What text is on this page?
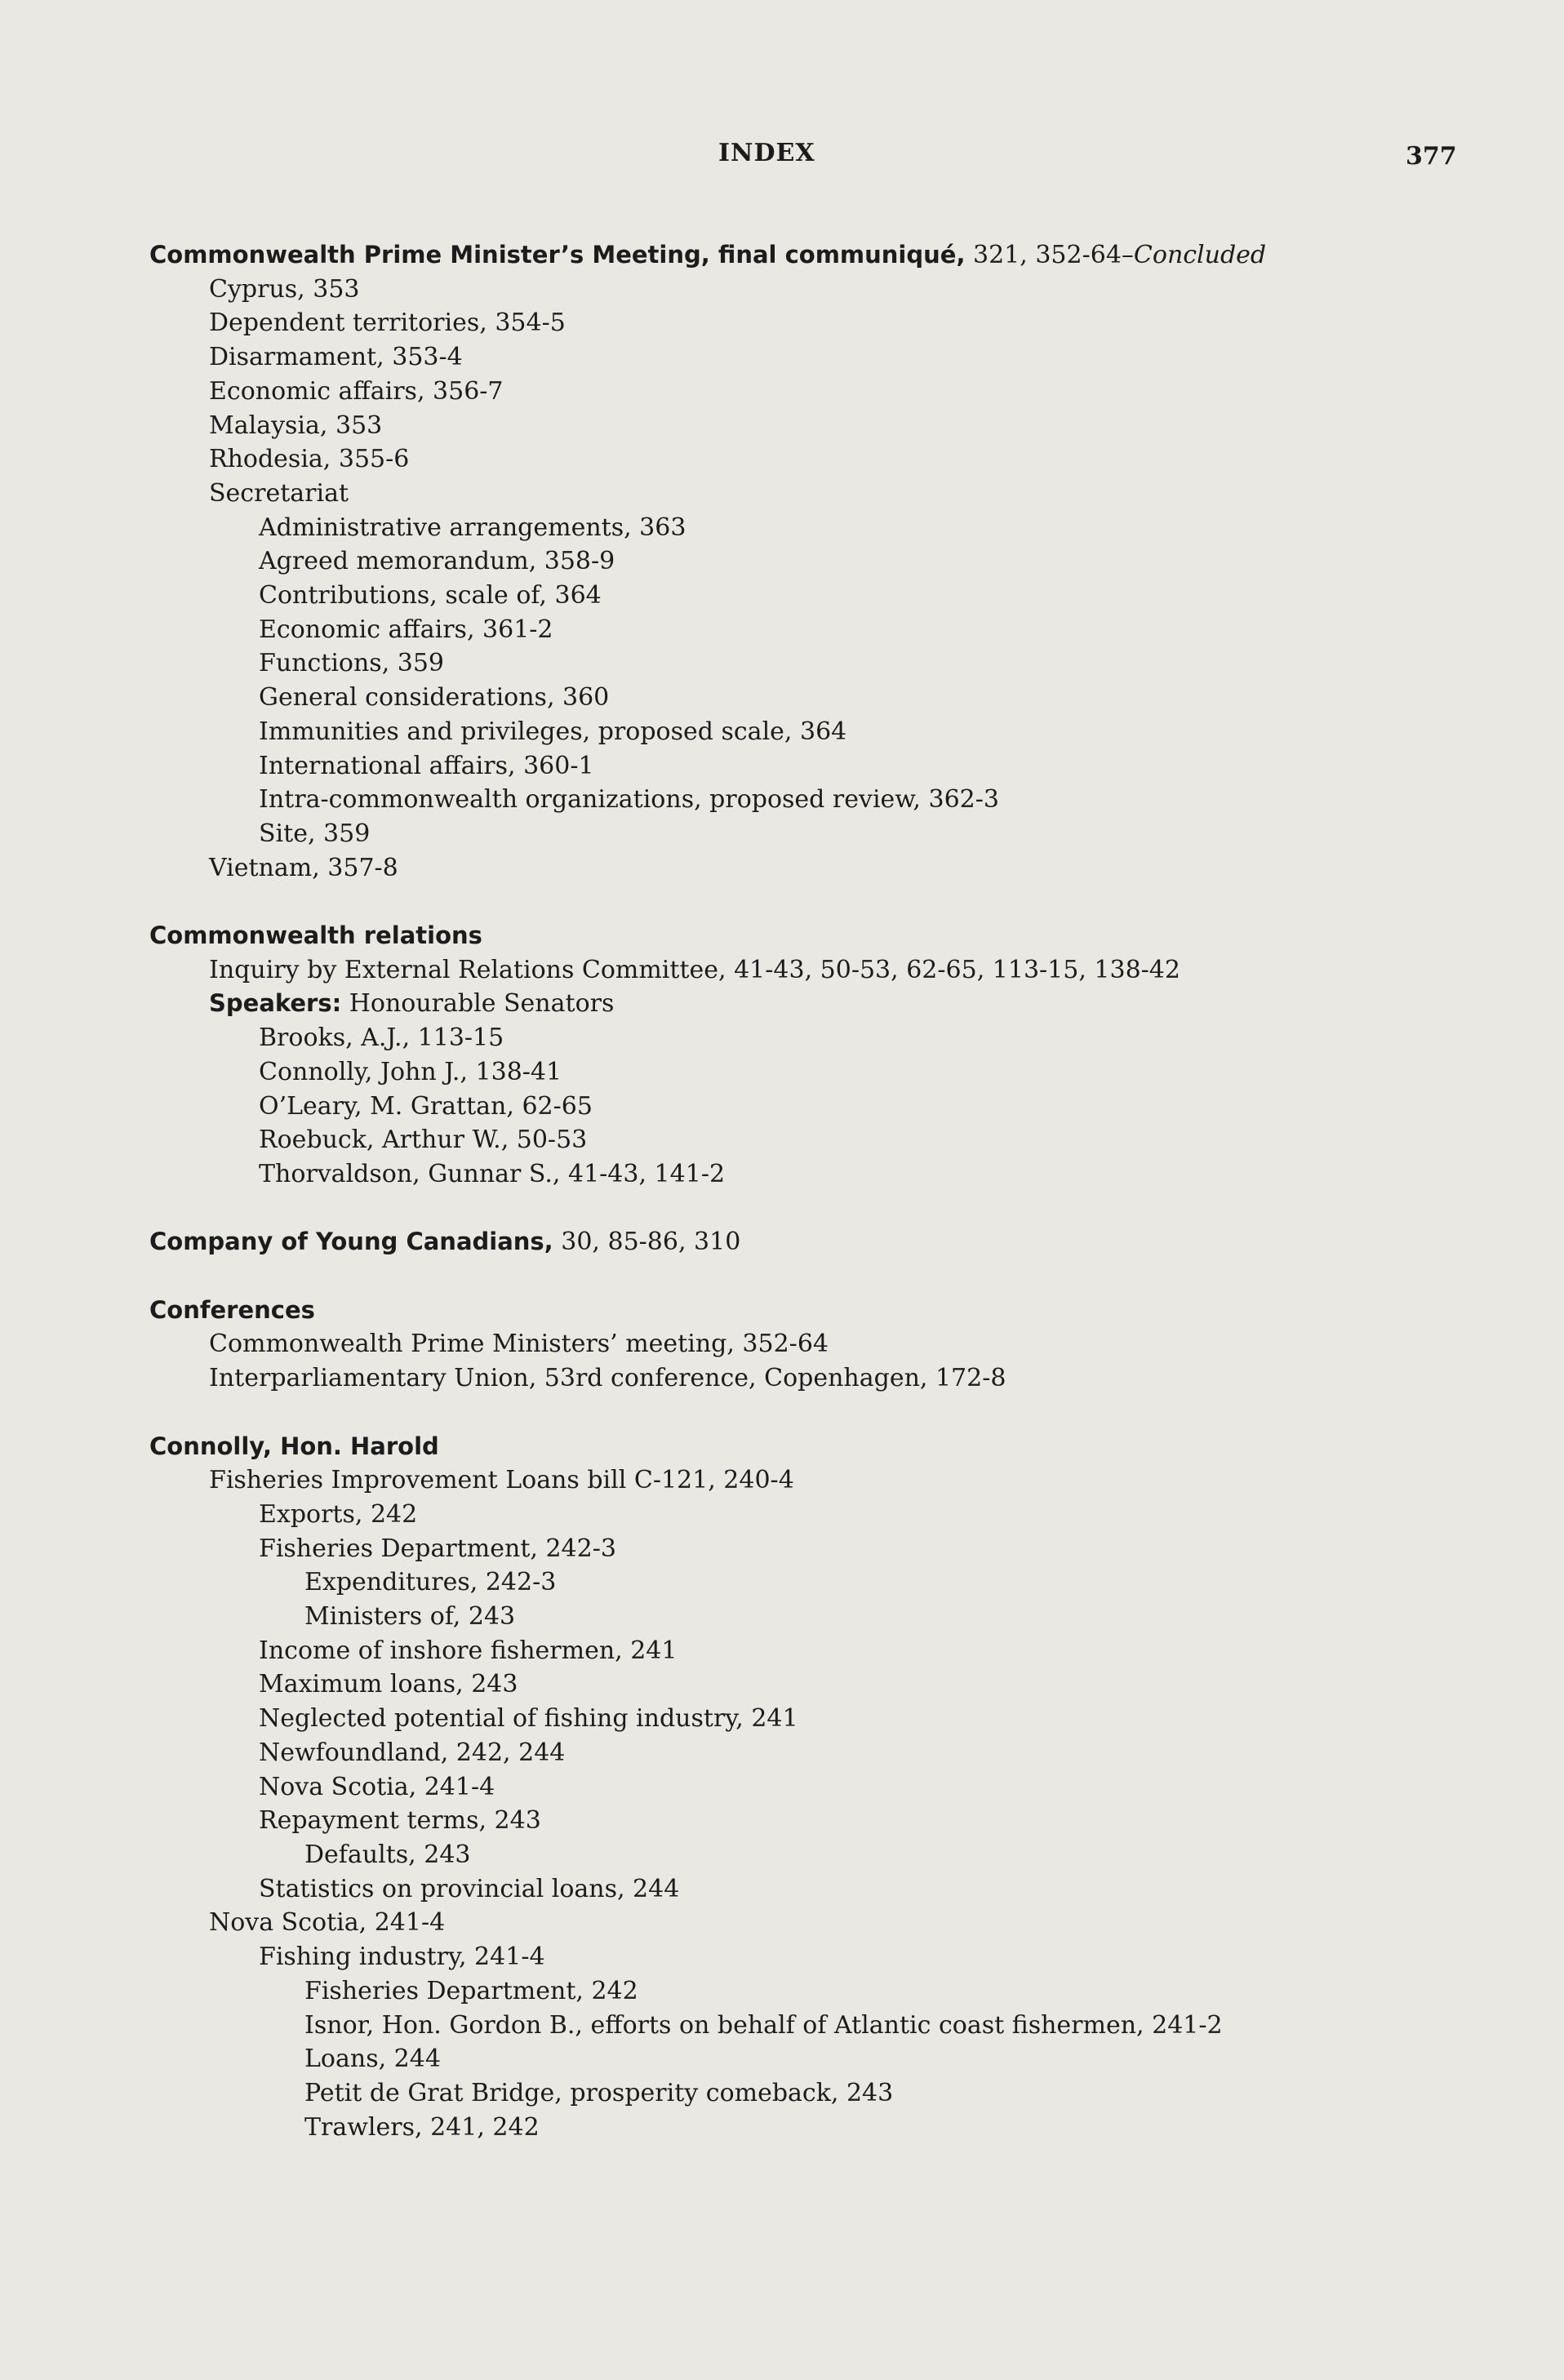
INDEX	377
Commonwealth Prime Minister’s Meeting, final communiqué, 321, 352-64–Concluded
Cyprus, 353
Dependent territories, 354-5
Disarmament, 353-4
Economic affairs, 356-7
Malaysia, 353
Rhodesia, 355-6
Secretariat
Administrative arrangements, 363
Agreed memorandum, 358-9
Contributions, scale of, 364
Economic affairs, 361-2
Functions, 359
General considerations, 360
Immunities and privileges, proposed scale, 364
International affairs, 360-1
Intra-commonwealth organizations, proposed review, 362-3
Site, 359
Vietnam, 357-8
Commonwealth relations
Inquiry by External Relations Committee, 41-43, 50-53, 62-65, 113-15, 138-42
Speakers: Honourable Senators
Brooks, A.J., 113-15
Connolly, John J., 138-41
O’Leary, M. Grattan, 62-65
Roebuck, Arthur W., 50-53
Thorvaldson, Gunnar S., 41-43, 141-2
Company of Young Canadians, 30, 85-86, 310
Conferences
Commonwealth Prime Ministers’ meeting, 352-64
Interparliamentary Union, 53rd conference, Copenhagen, 172-8
Connolly, Hon. Harold
Fisheries Improvement Loans bill C-121, 240-4
Exports, 242
Fisheries Department, 242-3
Expenditures, 242-3
Ministers of, 243
Income of inshore fishermen, 241
Maximum loans, 243
Neglected potential of fishing industry, 241
Newfoundland, 242, 244
Nova Scotia, 241-4
Repayment terms, 243
Defaults, 243
Statistics on provincial loans, 244
Nova Scotia, 241-4
Fishing industry, 241-4
Fisheries Department, 242
Isnor, Hon. Gordon B., efforts on behalf of Atlantic coast fishermen, 241-2
Loans, 244
Petit de Grat Bridge, prosperity comeback, 243
Trawlers, 241, 242
